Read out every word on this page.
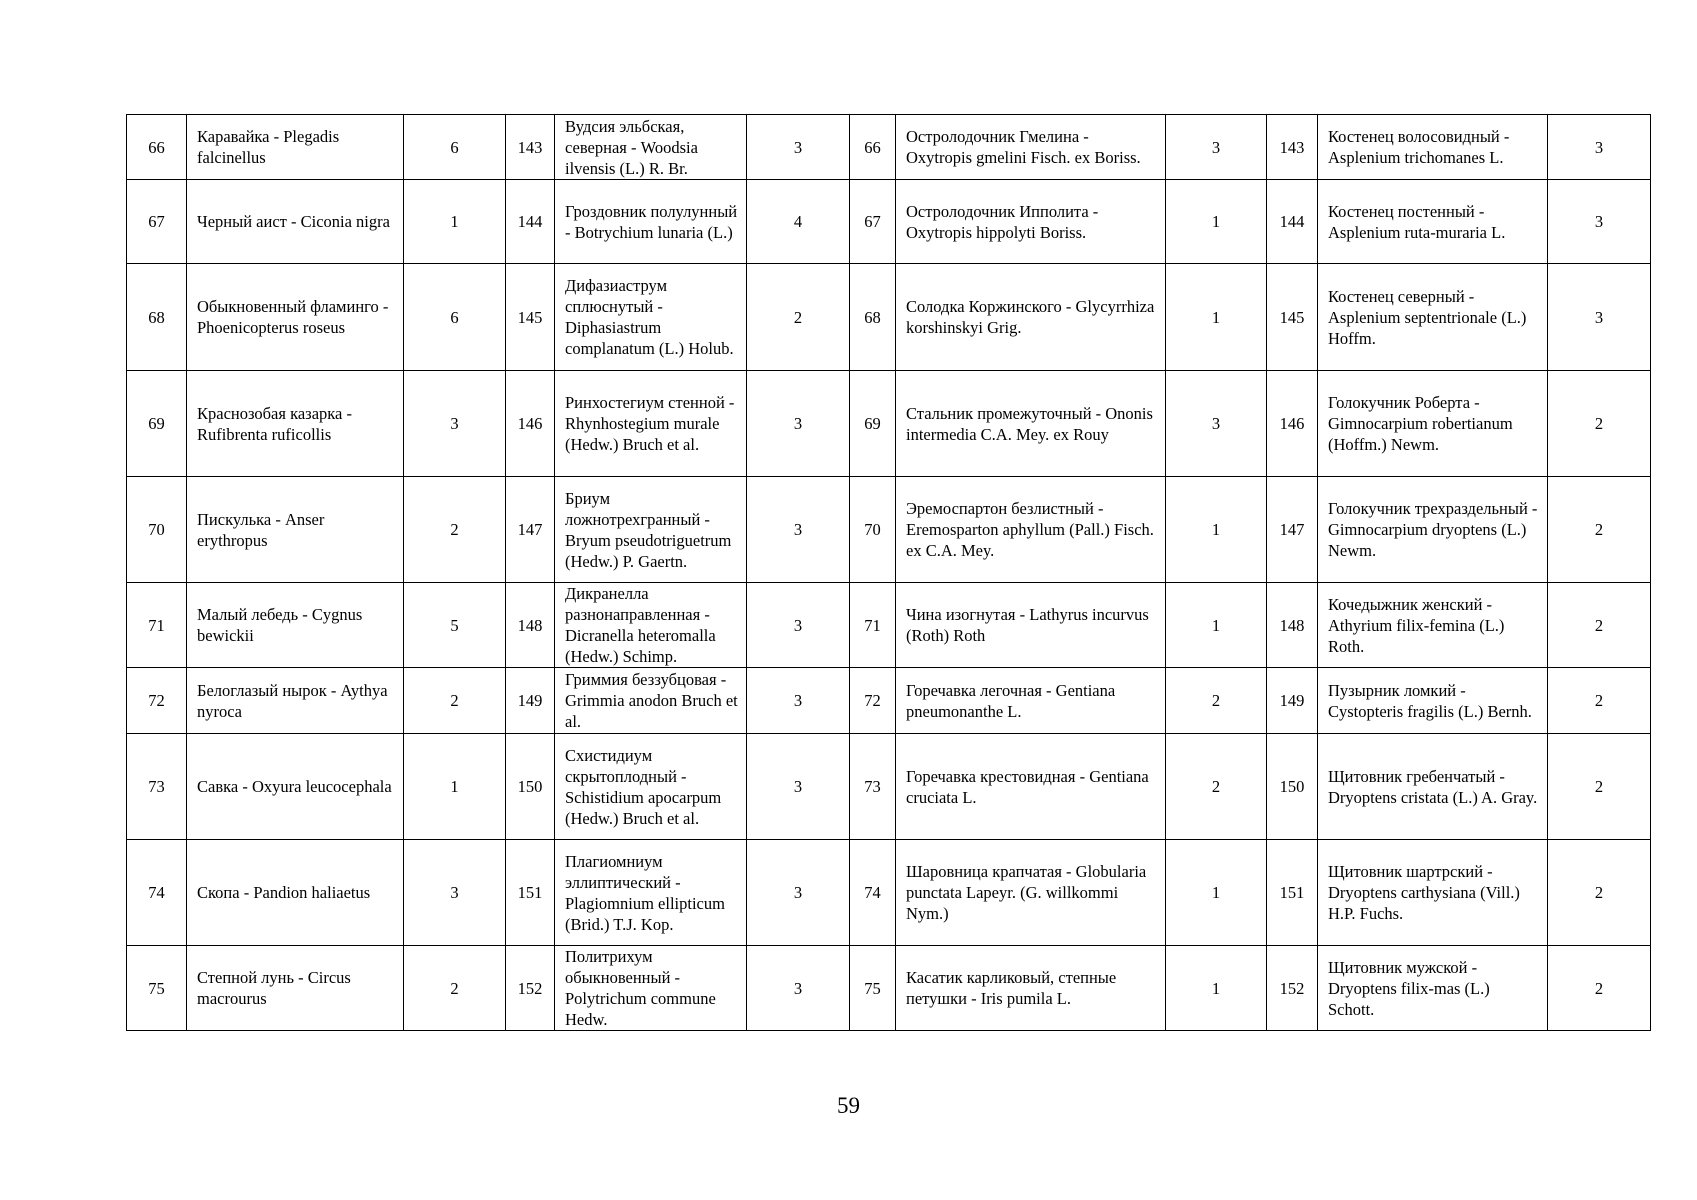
66	Каравайка - Plegadis falcinellus	6	143	Вудсия эльбская, северная - Woodsia ilvensis (L.) R. Br.	3	66	Остролодочник Гмелина - Oxytropis gmelini Fisch. ex Boriss.	3	143	Костенец волосовидный - Asplenium trichomanes L.	3
67	Черный аист - Ciconia nigra	1	144	Гроздовник полулунный - Botrychium lunaria (L.)	4	67	Остролодочник Ипполита - Oxytropis hippolyti Boriss.	1	144	Костенец постенный - Asplenium ruta-muraria L.	3
68	Обыкновенный фламинго - Phoenicopterus roseus	6	145	Дифазиаструм сплюснутый - Diphasiastrum complanatum (L.) Holub.	2	68	Солодка Коржинского - Glycyrrhiza korshinskyi Grig.	1	145	Костенец северный - Asplenium septentrionale (L.) Hoffm.	3
69	Краснозобая казарка - Rufibrenta ruficollis	3	146	Ринхостегиум стенной - Rhynhostegium murale (Hedw.) Bruch et al.	3	69	Стальник промежуточный - Ononis intermedia C.A. Mey. ex Rouy	3	146	Голокучник Роберта - Gimnocarpium robertianum (Hoffm.) Newm.	2
70	Пискулька - Anser erythropus	2	147	Бриум ложнотрехгранный - Bryum pseudotriguetrum (Hedw.) P. Gaertn.	3	70	Эремоспартон безлистный - Eremosparton aphyllum (Pall.) Fisch. ex C.A. Mey.	1	147	Голокучник трехраздельный - Gimnocarpium dryoptens (L.) Newm.	2
71	Малый лебедь - Cygnus bewickii	5	148	Дикранелла разнонаправленная - Dicranella heteromalla (Hedw.) Schimp.	3	71	Чина изогнутая - Lathyrus incurvus (Roth) Roth	1	148	Кочедыжник женский - Athyrium filix-femina (L.) Roth.	2
72	Белоглазый нырок - Aythya nyroca	2	149	Гриммия беззубцовая - Grimmia anodon Bruch et al.	3	72	Горечавка легочная - Gentiana pneumonanthe L.	2	149	Пузырник ломкий - Cystopteris fragilis (L.) Bernh.	2
73	Савка - Oxyura leucocephala	1	150	Схистидиум скрытоплодный - Schistidium apocarpum (Hedw.) Bruch et al.	3	73	Горечавка крестовидная - Gentiana cruciata L.	2	150	Щитовник гребенчатый - Dryoptens cristata (L.) A. Gray.	2
74	Скопа - Pandion haliaetus	3	151	Плагиомниум эллиптический - Plagiomnium ellipticum (Brid.) T.J. Kop.	3	74	Шаровница крапчатая - Globularia punctata Lapeyr. (G. willkommi Nym.)	1	151	Щитовник шартрский - Dryoptens carthysiana (Vill.) H.P. Fuchs.	2
75	Степной лунь - Circus macrourus	2	152	Политрихум обыкновенный - Polytrichum commune Hedw.	3	75	Касатик карликовый, степные петушки - Iris pumila L.	1	152	Щитовник мужской - Dryoptens filix-mas (L.) Schott.	2
59
